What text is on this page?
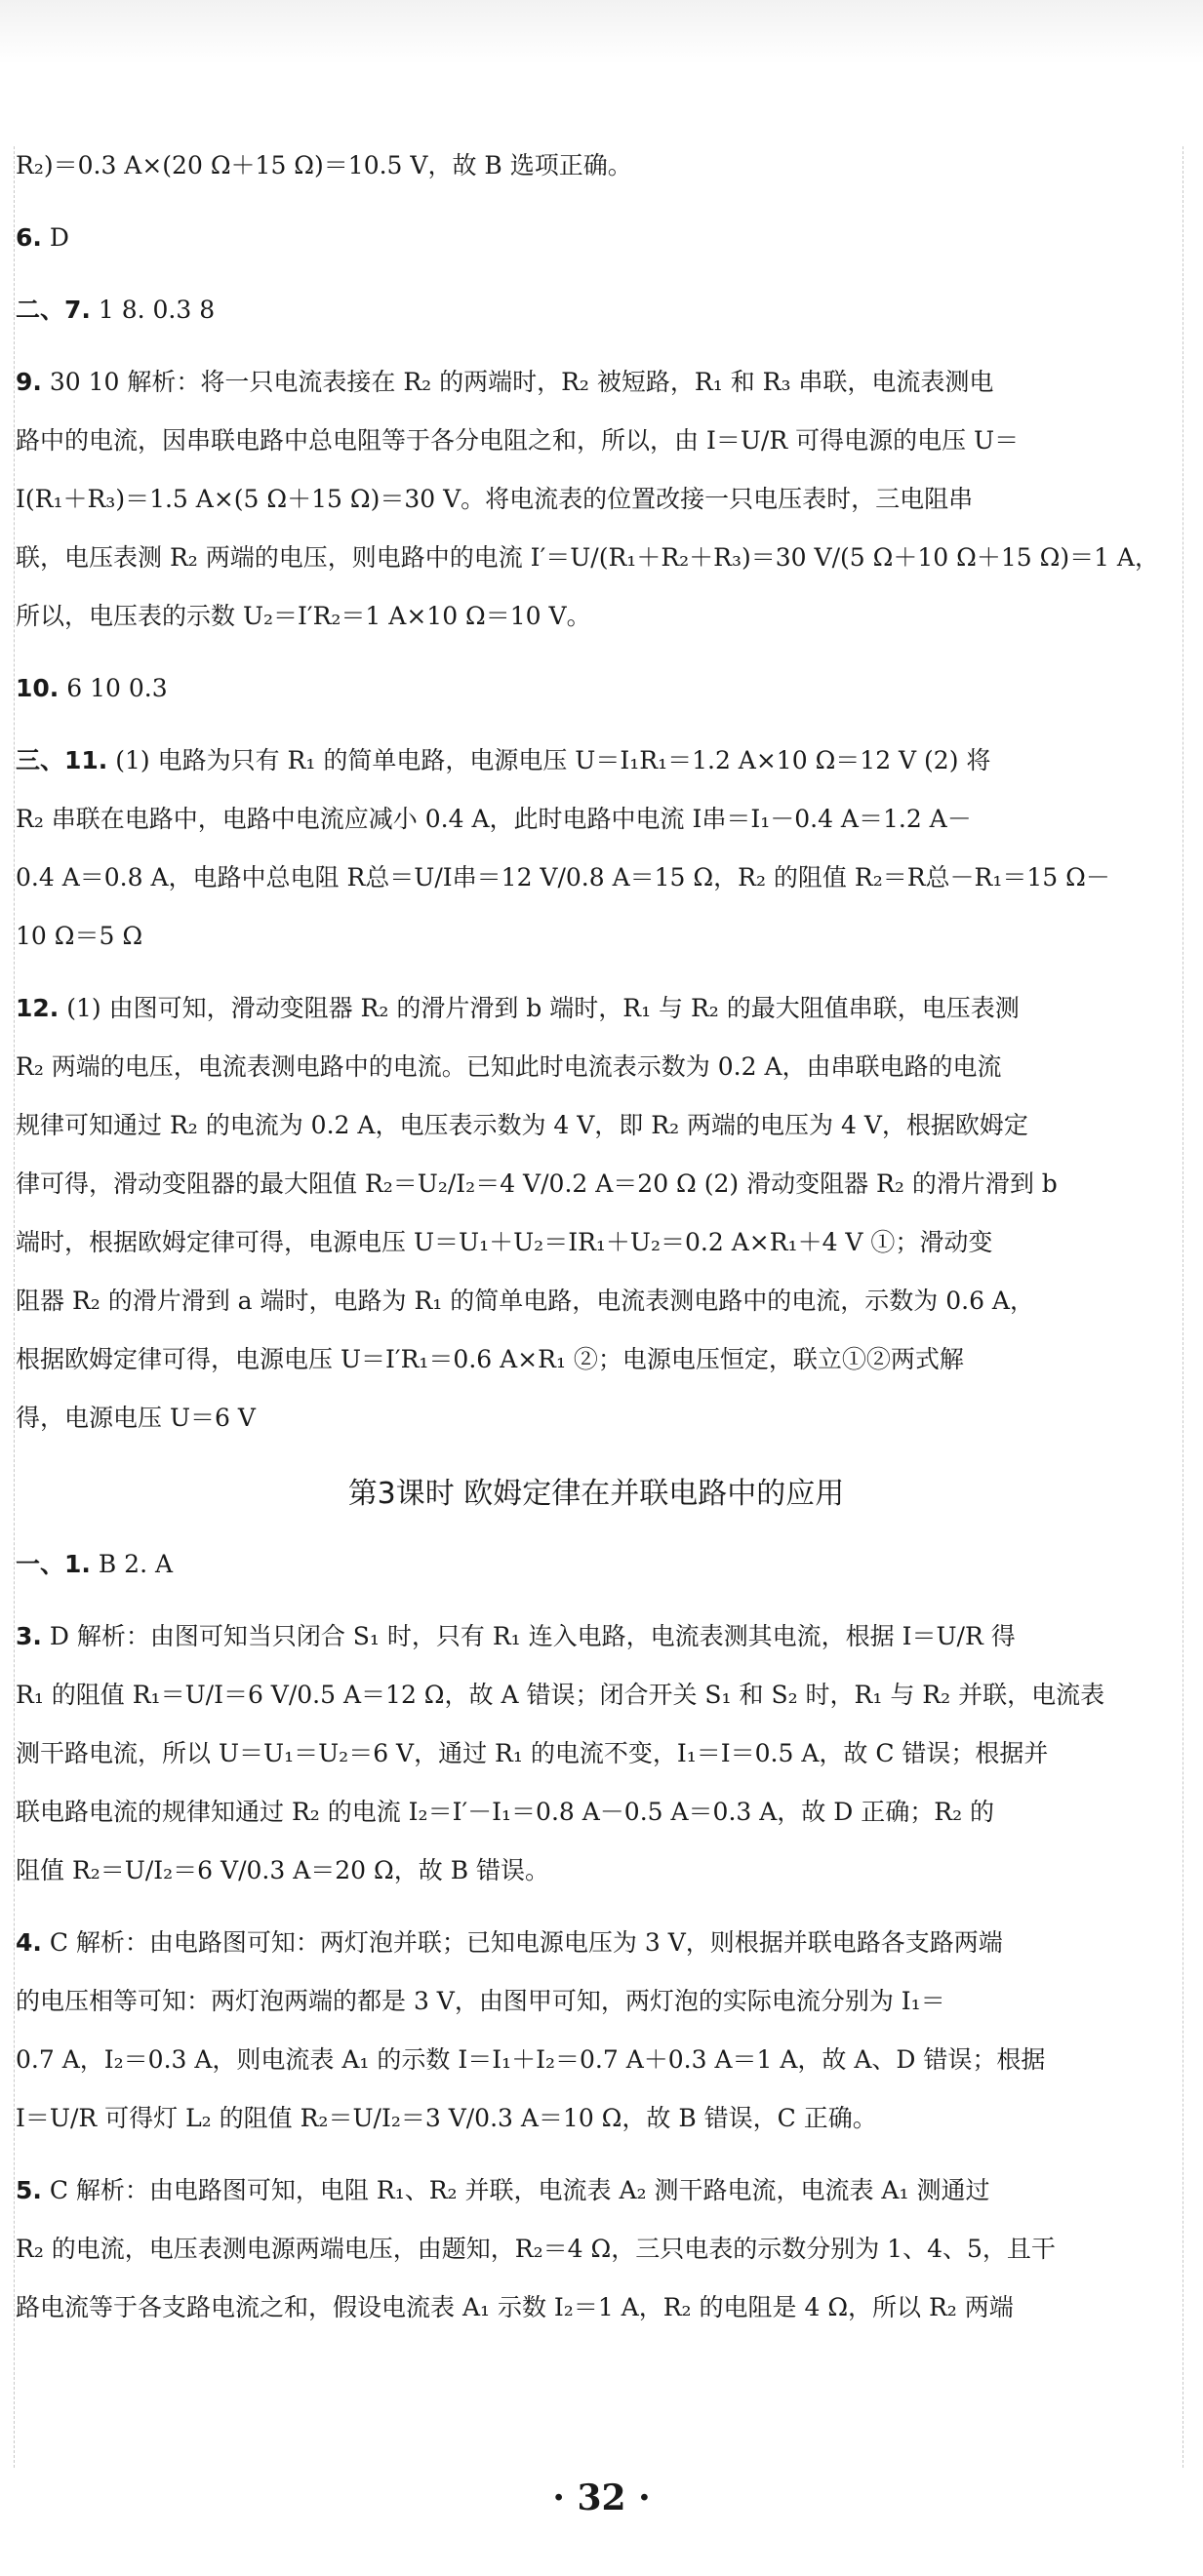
R₂)＝0.3 A×(20 Ω＋15 Ω)＝10.5 V，故 B 选项正确。
6. D
二、7. 1 8. 0.3 8
9. 30 10 解析：将一只电流表接在 R₂ 的两端时，R₂ 被短路，R₁ 和 R₃ 串联，电流表测电
路中的电流，因串联电路中总电阻等于各分电阻之和，所以，由 I＝U/R 可得电源的电压 U＝
I(R₁＋R₃)＝1.5 A×(5 Ω＋15 Ω)＝30 V。将电流表的位置改接一只电压表时，三电阻串
联，电压表测 R₂ 两端的电压，则电路中的电流 I′＝U/(R₁＋R₂＋R₃)＝30 V/(5 Ω＋10 Ω＋15 Ω)＝1 A，
所以，电压表的示数 U₂＝I′R₂＝1 A×10 Ω＝10 V。
10. 6 10 0.3
三、11. (1) 电路为只有 R₁ 的简单电路，电源电压 U＝I₁R₁＝1.2 A×10 Ω＝12 V (2) 将
R₂ 串联在电路中，电路中电流应减小 0.4 A，此时电路中电流 I串＝I₁－0.4 A＝1.2 A－
0.4 A＝0.8 A，电路中总电阻 R总＝U/I串＝12 V/0.8 A＝15 Ω，R₂ 的阻值 R₂＝R总－R₁＝15 Ω－
10 Ω＝5 Ω
12. (1) 由图可知，滑动变阻器 R₂ 的滑片滑到 b 端时，R₁ 与 R₂ 的最大阻值串联，电压表测
R₂ 两端的电压，电流表测电路中的电流。已知此时电流表示数为 0.2 A，由串联电路的电流
规律可知通过 R₂ 的电流为 0.2 A，电压表示数为 4 V，即 R₂ 两端的电压为 4 V，根据欧姆定
律可得，滑动变阻器的最大阻值 R₂＝U₂/I₂＝4 V/0.2 A＝20 Ω (2) 滑动变阻器 R₂ 的滑片滑到 b
端时，根据欧姆定律可得，电源电压 U＝U₁＋U₂＝IR₁＋U₂＝0.2 A×R₁＋4 V ①；滑动变
阻器 R₂ 的滑片滑到 a 端时，电路为 R₁ 的简单电路，电流表测电路中的电流，示数为 0.6 A，
根据欧姆定律可得，电源电压 U＝I′R₁＝0.6 A×R₁ ②；电源电压恒定，联立①②两式解
得，电源电压 U＝6 V
第3课时 欧姆定律在并联电路中的应用
一、1. B 2. A
3. D 解析：由图可知当只闭合 S₁ 时，只有 R₁ 连入电路，电流表测其电流，根据 I＝U/R 得
R₁ 的阻值 R₁＝U/I＝6 V/0.5 A＝12 Ω，故 A 错误；闭合开关 S₁ 和 S₂ 时，R₁ 与 R₂ 并联，电流表
测干路电流，所以 U＝U₁＝U₂＝6 V，通过 R₁ 的电流不变，I₁＝I＝0.5 A，故 C 错误；根据并
联电路电流的规律知通过 R₂ 的电流 I₂＝I′－I₁＝0.8 A－0.5 A＝0.3 A，故 D 正确；R₂ 的
阻值 R₂＝U/I₂＝6 V/0.3 A＝20 Ω，故 B 错误。
4. C 解析：由电路图可知：两灯泡并联；已知电源电压为 3 V，则根据并联电路各支路两端
的电压相等可知：两灯泡两端的都是 3 V，由图甲可知，两灯泡的实际电流分别为 I₁＝
0.7 A，I₂＝0.3 A，则电流表 A₁ 的示数 I＝I₁＋I₂＝0.7 A＋0.3 A＝1 A，故 A、D 错误；根据
I＝U/R 可得灯 L₂ 的阻值 R₂＝U/I₂＝3 V/0.3 A＝10 Ω，故 B 错误，C 正确。
5. C 解析：由电路图可知，电阻 R₁、R₂ 并联，电流表 A₂ 测干路电流，电流表 A₁ 测通过
R₂ 的电流，电压表测电源两端电压，由题知，R₂＝4 Ω，三只电表的示数分别为 1、4、5，且干
路电流等于各支路电流之和，假设电流表 A₁ 示数 I₂＝1 A，R₂ 的电阻是 4 Ω，所以 R₂ 两端
· 32 ·
